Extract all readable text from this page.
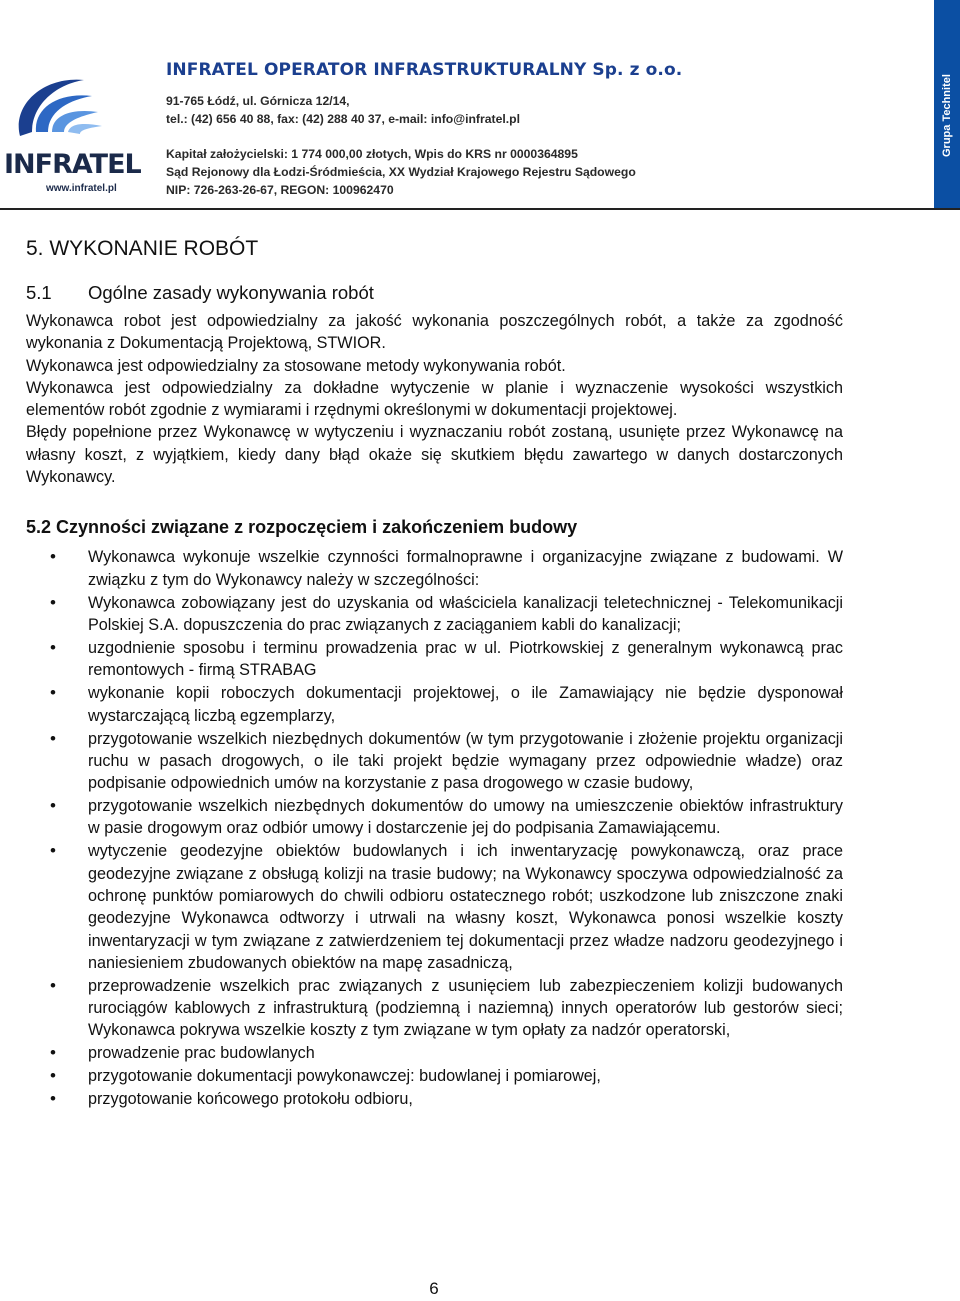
INFRATEL
www.infratel.pl
INFRATEL OPERATOR INFRASTRUKTURALNY Sp. z o.o.
91-765 Łódź, ul. Górnicza 12/14,
tel.: (42) 656 40 88, fax: (42) 288 40 37, e-mail: info@infratel.pl
Kapitał założycielski: 1 774 000,00 złotych, Wpis do KRS nr 0000364895
Sąd Rejonowy dla Łodzi-Śródmieścia, XX Wydział Krajowego Rejestru Sądowego
NIP: 726-263-26-67, REGON: 100962470
Grupa Technitel
5. WYKONANIE ROBÓT
5.1 Ogólne zasady wykonywania robót

Wykonawca robot jest odpowiedzialny za jakość wykonania poszczególnych robót, a także za zgodność wykonania z Dokumentacją Projektową, STWIOR.

Wykonawca jest odpowiedzialny za stosowane metody wykonywania robót.

Wykonawca jest odpowiedzialny za dokładne wytyczenie w planie i wyznaczenie wysokości wszystkich elementów robót zgodnie z wymiarami i rzędnymi określonymi w dokumentacji projektowej.

Błędy popełnione przez Wykonawcę w wytyczeniu i wyznaczaniu robót zostaną, usunięte przez Wykonawcę na własny koszt, z wyjątkiem, kiedy dany błąd okaże się skutkiem błędu zawartego w danych dostarczonych Wykonawcy.

5.2 Czynności związane z rozpoczęciem i zakończeniem budowy
• Wykonawca wykonuje wszelkie czynności formalnoprawne i organizacyjne związane z budowami. W związku z tym do Wykonawcy należy w szczególności:
• Wykonawca zobowiązany jest do uzyskania od właściciela kanalizacji teletechnicznej - Telekomunikacji Polskiej S.A. dopuszczenia do prac związanych z zaciąganiem kabli do kanalizacji;
• uzgodnienie sposobu i terminu prowadzenia prac w ul. Piotrkowskiej z generalnym wykonawcą prac remontowych - firmą STRABAG
• wykonanie kopii roboczych dokumentacji projektowej, o ile Zamawiający nie będzie dysponował wystarczającą liczbą egzemplarzy,
• przygotowanie wszelkich niezbędnych dokumentów (w tym przygotowanie i złożenie projektu organizacji ruchu w pasach drogowych, o ile taki projekt będzie wymagany przez odpowiednie władze) oraz podpisanie odpowiednich umów na korzystanie z pasa drogowego w czasie budowy,
• przygotowanie wszelkich niezbędnych dokumentów do umowy na umieszczenie obiektów infrastruktury w pasie drogowym oraz odbiór umowy i dostarczenie jej do podpisania Zamawiającemu.
• wytyczenie geodezyjne obiektów budowlanych i ich inwentaryzację powykonawczą, oraz prace geodezyjne związane z obsługą kolizji na trasie budowy; na Wykonawcy spoczywa odpowiedzialność za ochronę punktów pomiarowych do chwili odbioru ostatecznego robót; uszkodzone lub zniszczone znaki geodezyjne Wykonawca odtworzy i utrwali na własny koszt, Wykonawca ponosi wszelkie koszty inwentaryzacji w tym związane z zatwierdzeniem tej dokumentacji przez władze nadzoru geodezyjnego i naniesieniem zbudowanych obiektów na mapę zasadniczą,
• przeprowadzenie wszelkich prac związanych z usunięciem lub zabezpieczeniem kolizji budowanych rurociągów kablowych z infrastrukturą (podziemną i naziemną) innych operatorów lub gestorów sieci; Wykonawca pokrywa wszelkie koszty z tym związane w tym opłaty za nadzór operatorski,
• prowadzenie prac budowlanych
• przygotowanie dokumentacji powykonawczej: budowlanej i pomiarowej,
• przygotowanie końcowego protokołu odbioru,
6
